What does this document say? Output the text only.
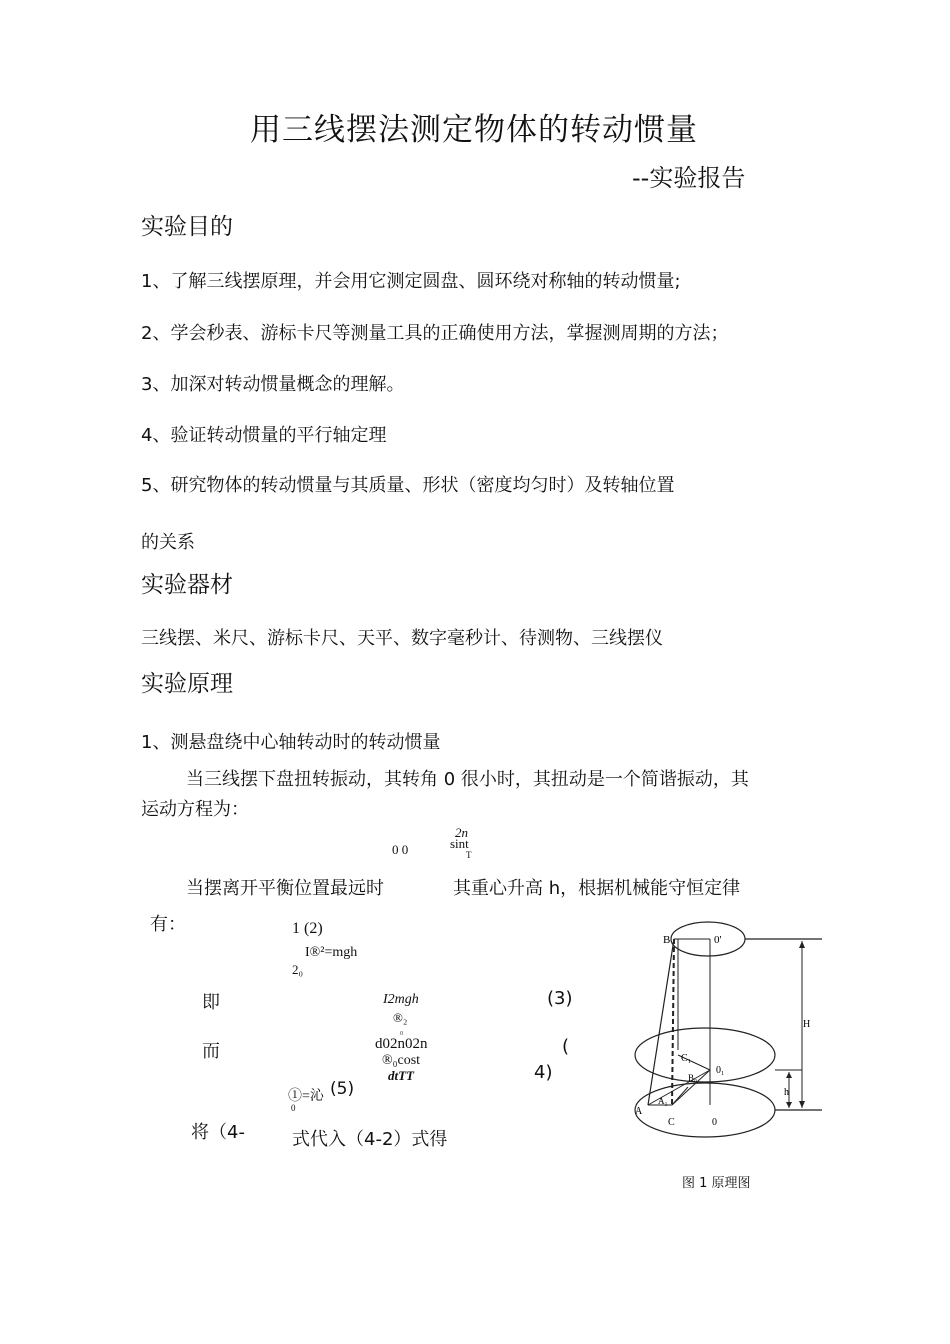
用三线摆法测定物体的转动惯量
--实验报告
实验目的
1、了解三线摆原理，并会用它测定圆盘、圆环绕对称轴的转动惯量;
2、学会秒表、游标卡尺等测量工具的正确使用方法，掌握测周期的方法；
3、加深对转动惯量概念的理解。
4、验证转动惯量的平行轴定理
5、研究物体的转动惯量与其质量、形状（密度均匀时）及转轴位置
的关系
实验器材
三线摆、米尺、游标卡尺、天平、数字毫秒计、待测物、三线摆仪
实验原理
1、测悬盘绕中心轴转动时的转动惯量
当三线摆下盘扭转振动，其转角 0 很小时，其扭动是一个简谐振动，其
运动方程为：
2n
sint
T
0 0
当摆离开平衡位置最远时	其重心升高 h，根据机械能守恒定律
有：	1 (2)
I®²=mgh
2₀
即	I2mgh
®₂
₀
(3)
而	d02n02n
®₀cost
dtTT
(
4)
①=沁 (5)
0
将（4-	式代入（4-2）式得
B	0'
H
C₁
0₁
B₀
h
A
A₁
C	0
图 1 原理图
